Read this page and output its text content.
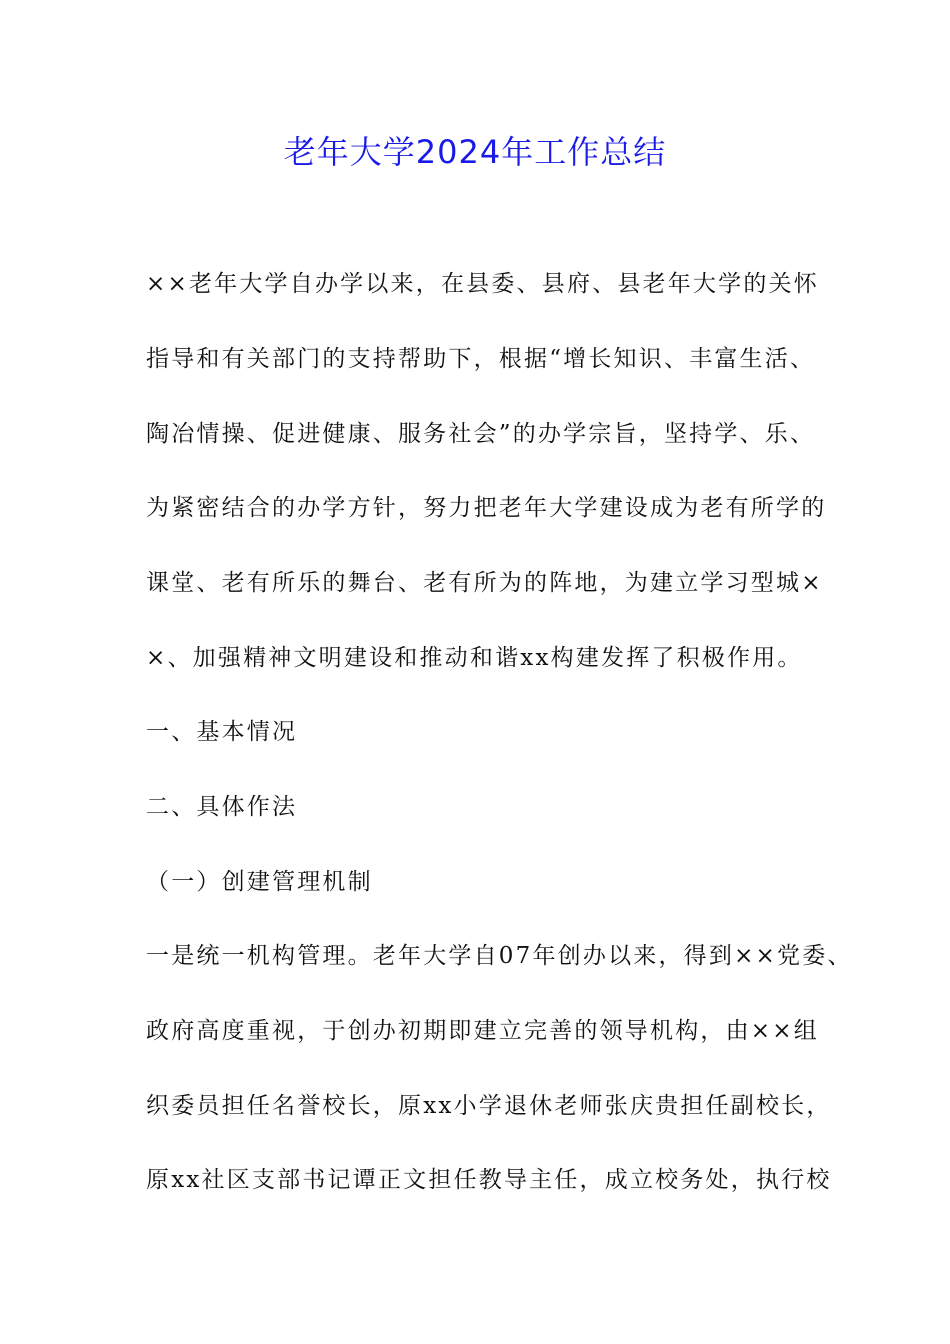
老年大学2024年工作总结
××老年大学自办学以来，在县委、县府、县老年大学的关怀
指导和有关部门的支持帮助下，根据“增长知识、丰富生活、
陶冶情操、促进健康、服务社会”的办学宗旨，坚持学、乐、
为紧密结合的办学方针，努力把老年大学建设成为老有所学的
课堂、老有所乐的舞台、老有所为的阵地，为建立学习型城×
×、加强精神文明建设和推动和谐xx构建发挥了积极作用。
一、基本情况
二、具体作法
（一）创建管理机制
一是统一机构管理。老年大学自07年创办以来，得到××党委、
政府高度重视，于创办初期即建立完善的领导机构，由××组
织委员担任名誉校长，原xx小学退休老师张庆贵担任副校长，
原xx社区支部书记谭正文担任教导主任，成立校务处，执行校
